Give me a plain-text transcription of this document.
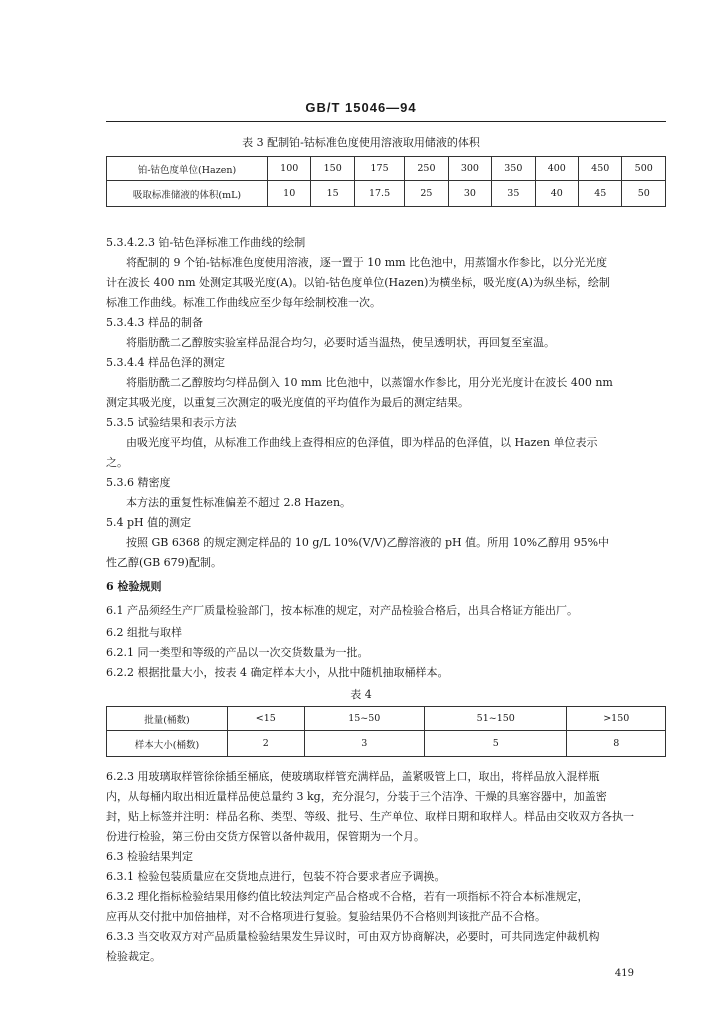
GB/T 15046—94
表 3 配制铂-钴标准色度使用溶液取用储液的体积
铂-钴色度单位(Hazen)	100	150	175	250	300	350	400	450	500
吸取标准储液的体积(mL)	10	15	17.5	25	30	35	40	45	50
5.3.4.2.3 铂-钴色泽标准工作曲线的绘制
将配制的 9 个铂-钴标准色度使用溶液，逐一置于 10 mm 比色池中，用蒸馏水作参比，以分光光度
计在波长 400 nm 处测定其吸光度(A)。以铂-钴色度单位(Hazen)为横坐标，吸光度(A)为纵坐标，绘制
标准工作曲线。标准工作曲线应至少每年绘制校准一次。
5.3.4.3 样品的制备
将脂肪酰二乙醇胺实验室样品混合均匀，必要时适当温热，使呈透明状，再回复至室温。
5.3.4.4 样品色泽的测定
将脂肪酰二乙醇胺均匀样品倒入 10 mm 比色池中，以蒸馏水作参比，用分光光度计在波长 400 nm
测定其吸光度，以重复三次测定的吸光度值的平均值作为最后的测定结果。
5.3.5 试验结果和表示方法
由吸光度平均值，从标准工作曲线上查得相应的色泽值，即为样品的色泽值，以 Hazen 单位表示
之。
5.3.6 精密度
本方法的重复性标准偏差不超过 2.8 Hazen。
5.4 pH 值的测定
按照 GB 6368 的规定测定样品的 10 g/L 10%(V/V)乙醇溶液的 pH 值。所用 10%乙醇用 95%中
性乙醇(GB 679)配制。
6 检验规则
6.1 产品须经生产厂质量检验部门，按本标准的规定，对产品检验合格后，出具合格证方能出厂。
6.2 组批与取样
6.2.1 同一类型和等级的产品以一次交货数量为一批。
6.2.2 根据批量大小，按表 4 确定样本大小，从批中随机抽取桶样本。
表 4
批量(桶数)	<15	15~50	51~150	>150
样本大小(桶数)	2	3	5	8
6.2.3 用玻璃取样管徐徐插至桶底，使玻璃取样管充满样品，盖紧吸管上口，取出，将样品放入混样瓶
内，从每桶内取出相近量样品使总量约 3 kg，充分混匀，分装于三个洁净、干燥的具塞容器中，加盖密
封，贴上标签并注明：样品名称、类型、等级、批号、生产单位、取样日期和取样人。样品由交收双方各执一
份进行检验，第三份由交货方保管以备仲裁用，保管期为一个月。
6.3 检验结果判定
6.3.1 检验包装质量应在交货地点进行，包装不符合要求者应予调换。
6.3.2 理化指标检验结果用修约值比较法判定产品合格或不合格，若有一项指标不符合本标准规定，
应再从交付批中加倍抽样，对不合格项进行复验。复验结果仍不合格则判该批产品不合格。
6.3.3 当交收双方对产品质量检验结果发生异议时，可由双方协商解决，必要时，可共同选定仲裁机构
检验裁定。
419
